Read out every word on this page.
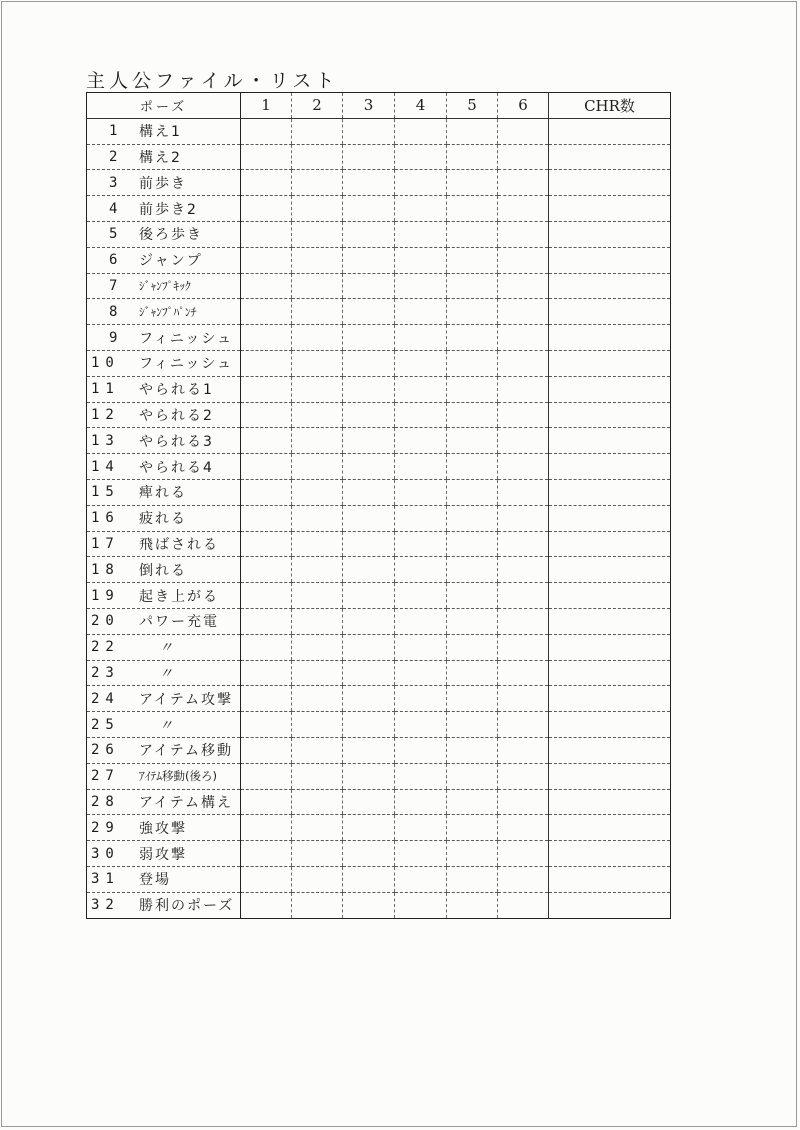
主人公ファイル・リスト
ポーズ	1	2	3	4	5	6	CHR数

1 構え1							

2 構え2							

3 前歩き							

4 前歩き2							

5 後ろ歩き							

6 ジャンプ							

7 ｼﾞｬﾝﾌﾟｷｯｸ							

8 ｼﾞｬﾝﾌﾟﾊﾟﾝﾁ							

9 フィニッシュ							

10 フィニッシュ							

11 やられる1							

12 やられる2							

13 やられる3							

14 やられる4							

15 痺れる							

16 疲れる							

17 飛ばされる							

18 倒れる							

19 起き上がる							

20 パワー充電							

22 〃							

23 〃							

24 アイテム攻撃							

25 〃							

26 アイテム移動							

27 ｱｲﾃﾑ移動(後ろ)							

28 アイテム構え							

29 強攻撃							

30 弱攻撃							

31 登場							

32 勝利のポーズ							
